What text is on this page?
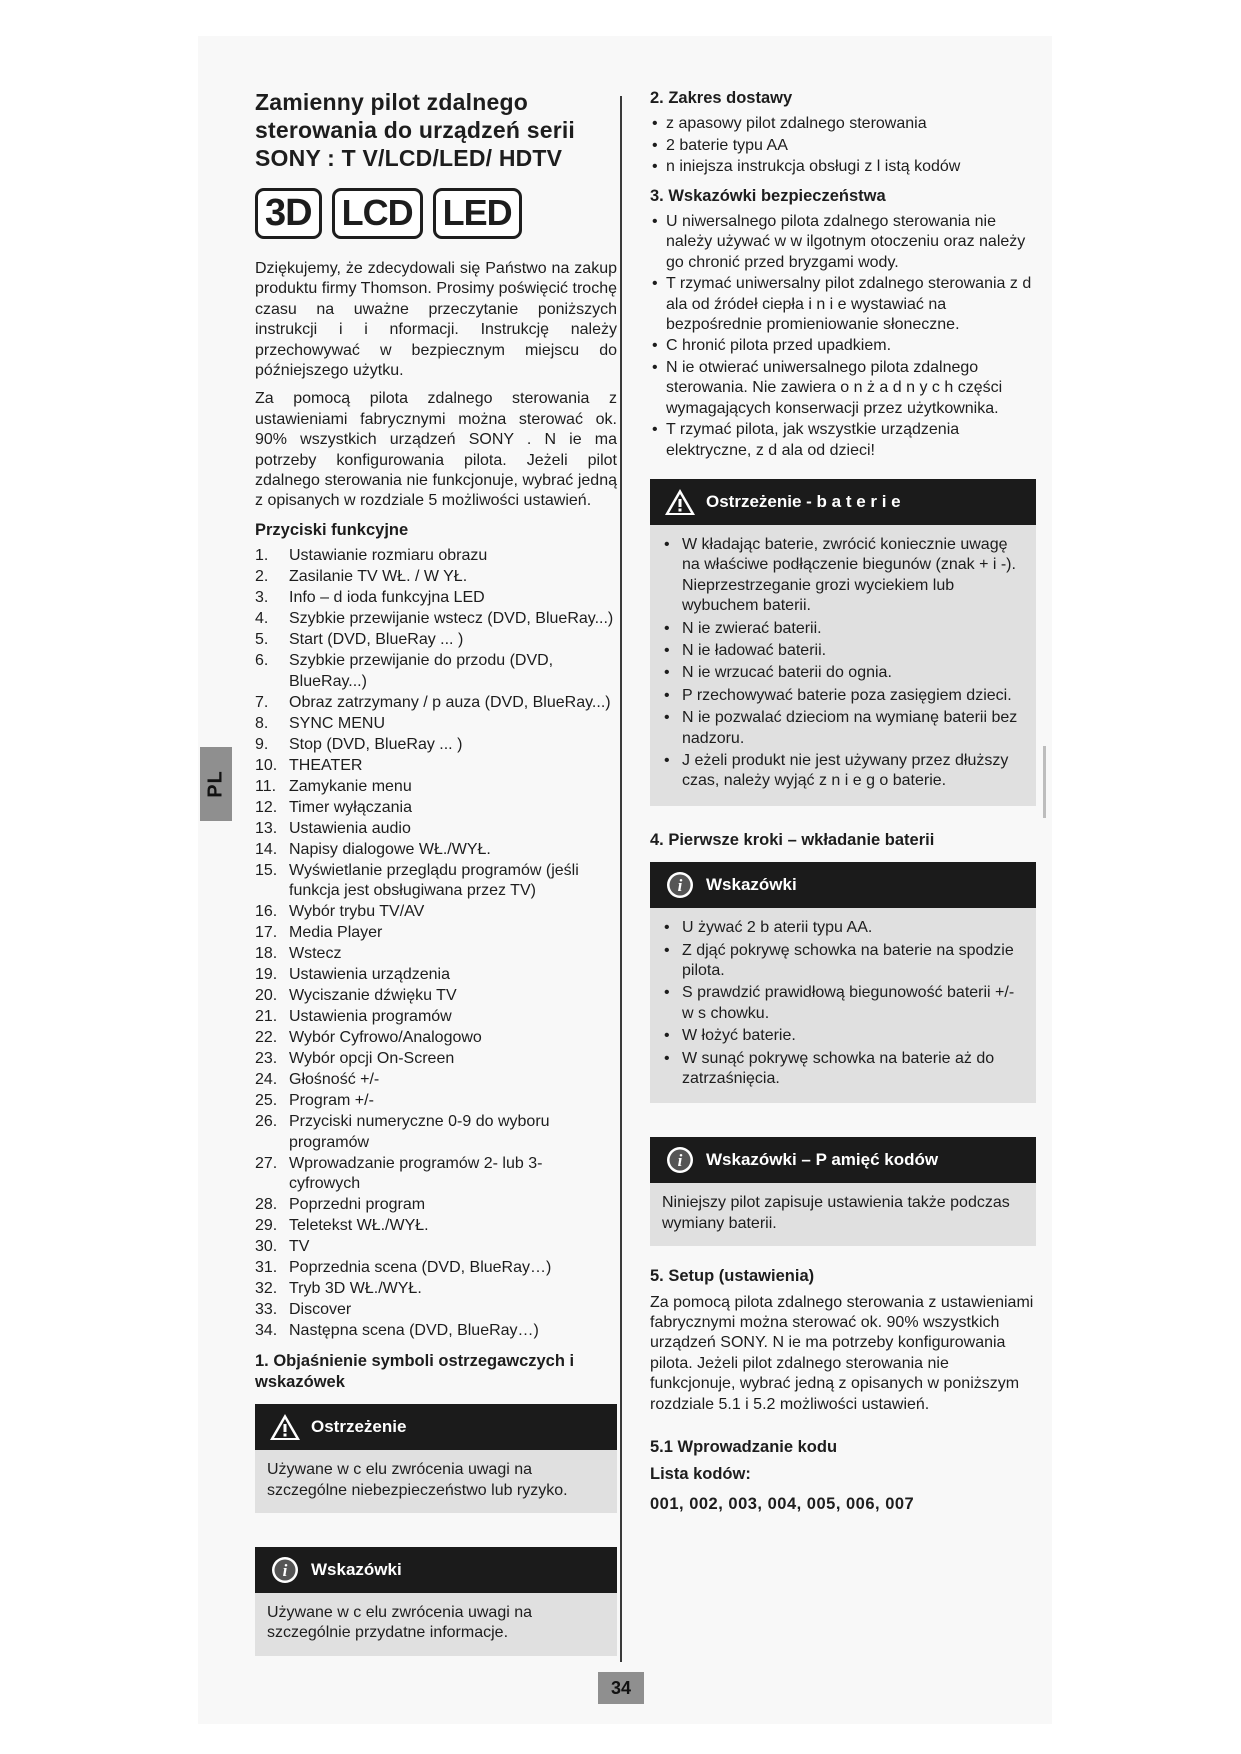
PL
Zamienny pilot zdalnego sterowania do urządzeń serii SONY : T V/LCD/LED/ HDTV
3D LCD LED

Dziękujemy, że zdecydowali się Państwo na zakup produktu firmy Thomson. Prosimy poświęcić trochę czasu na uważne przeczytanie poniższych instrukcji i i nformacji. Instrukcję należy przechowywać w bezpiecznym miejscu do późniejszego użytku.

Za pomocą pilota zdalnego sterowania z ustawieniami fabrycznymi można sterować ok. 90% wszystkich urządzeń SONY . N ie ma potrzeby konfigurowania pilota. Jeżeli pilot zdalnego sterowania nie funkcjonuje, wybrać jedną z opisanych w rozdziale 5 możliwości ustawień.

Przyciski funkcyjne
1.	Ustawianie rozmiaru obrazu
2.	Zasilanie TV WŁ. / W YŁ.
3.	Info – d ioda funkcyjna LED
4.	Szybkie przewijanie wstecz (DVD, BlueRay...)
5.	Start (DVD, BlueRay ... )
6.	Szybkie przewijanie do przodu (DVD, BlueRay...)
7.	Obraz zatrzymany / p auza (DVD, BlueRay...)
8.	SYNC MENU
9.	Stop (DVD, BlueRay ... )
10. THEATER
11. Zamykanie menu
12. Timer wyłączania
13. Ustawienia audio
14. Napisy dialogowe WŁ./WYŁ.
15. Wyświetlanie przeglądu programów (jeśli funkcja jest obsługiwana przez TV)
16. Wybór trybu TV/AV
17. Media Player
18. Wstecz
19. Ustawienia urządzenia
20. Wyciszanie dźwięku TV
21. Ustawienia programów
22. Wybór Cyfrowo/Analogowo
23. Wybór opcji On-Screen
24. Głośność +/-
25. Program +/-
26. Przyciski numeryczne 0-9 do wyboru programów
27. Wprowadzanie programów 2- lub 3- cyfrowych
28. Poprzedni program
29. Teletekst WŁ./WYŁ.
30. TV
31. Poprzednia scena (DVD, BlueRay…)
32. Tryb 3D WŁ./WYŁ.
33. Discover
34. Następna scena (DVD, BlueRay…)
1. Objaśnienie symboli ostrzegawczych i wskazówek
Ostrzeżenie
Używane w c elu zwrócenia uwagi na szczególne niebezpieczeństwo lub ryzyko.
i Wskazówki
Używane w c elu zwrócenia uwagi na szczególnie przydatne informacje.
2. Zakres dostawy
• z apasowy pilot zdalnego sterowania
• 2 baterie typu AA
• n iniejsza instrukcja obsługi z l istą kodów
3. Wskazówki bezpieczeństwa
• U niwersalnego pilota zdalnego sterowania nie należy używać w w ilgotnym otoczeniu oraz należy go chronić przed bryzgami wody.
• T rzymać uniwersalny pilot zdalnego sterowania z d ala od źródeł ciepła i n i e wystawiać na bezpośrednie promieniowanie słoneczne.
• C hronić pilota przed upadkiem.
• N ie otwierać uniwersalnego pilota zdalnego sterowania. Nie zawiera o n ż a d n y c h części wymagających konserwacji przez użytkownika.
• T rzymać pilota, jak wszystkie urządzenia elektryczne, z d ala od dzieci!
Ostrzeżenie - b a t e r i e
• W kładając baterie, zwrócić koniecznie uwagę na właściwe podłączenie biegunów (znak + i -). Nieprzestrzeganie grozi wyciekiem lub wybuchem baterii.
• N ie zwierać baterii.
• N ie ładować baterii.
• N ie wrzucać baterii do ognia.
• P rzechowywać baterie poza zasięgiem dzieci.
• N ie pozwalać dzieciom na wymianę baterii bez nadzoru.
• J eżeli produkt nie jest używany przez dłuższy czas, należy wyjąć z n i e g o baterie.
4. Pierwsze kroki – wkładanie baterii
i Wskazówki
• U żywać 2 b aterii typu AA.
• Z djąć pokrywę schowka na baterie na spodzie pilota.
• S prawdzić prawidłową biegunowość baterii +/- w s chowku.
• W łożyć baterie.
• W sunąć pokrywę schowka na baterie aż do zatrzaśnięcia.
i Wskazówki – P amięć kodów
Niniejszy pilot zapisuje ustawienia także podczas wymiany baterii.
5. Setup (ustawienia)

Za pomocą pilota zdalnego sterowania z ustawieniami fabrycznymi można sterować ok. 90% wszystkich urządzeń SONY. N ie ma potrzeby konfigurowania pilota. Jeżeli pilot zdalnego sterowania nie funkcjonuje, wybrać jedną z opisanych w poniższym rozdziale 5.1 i 5.2 możliwości ustawień.

5.1 Wprowadzanie kodu
Lista kodów:
001, 002, 003, 004, 005, 006, 007
34
